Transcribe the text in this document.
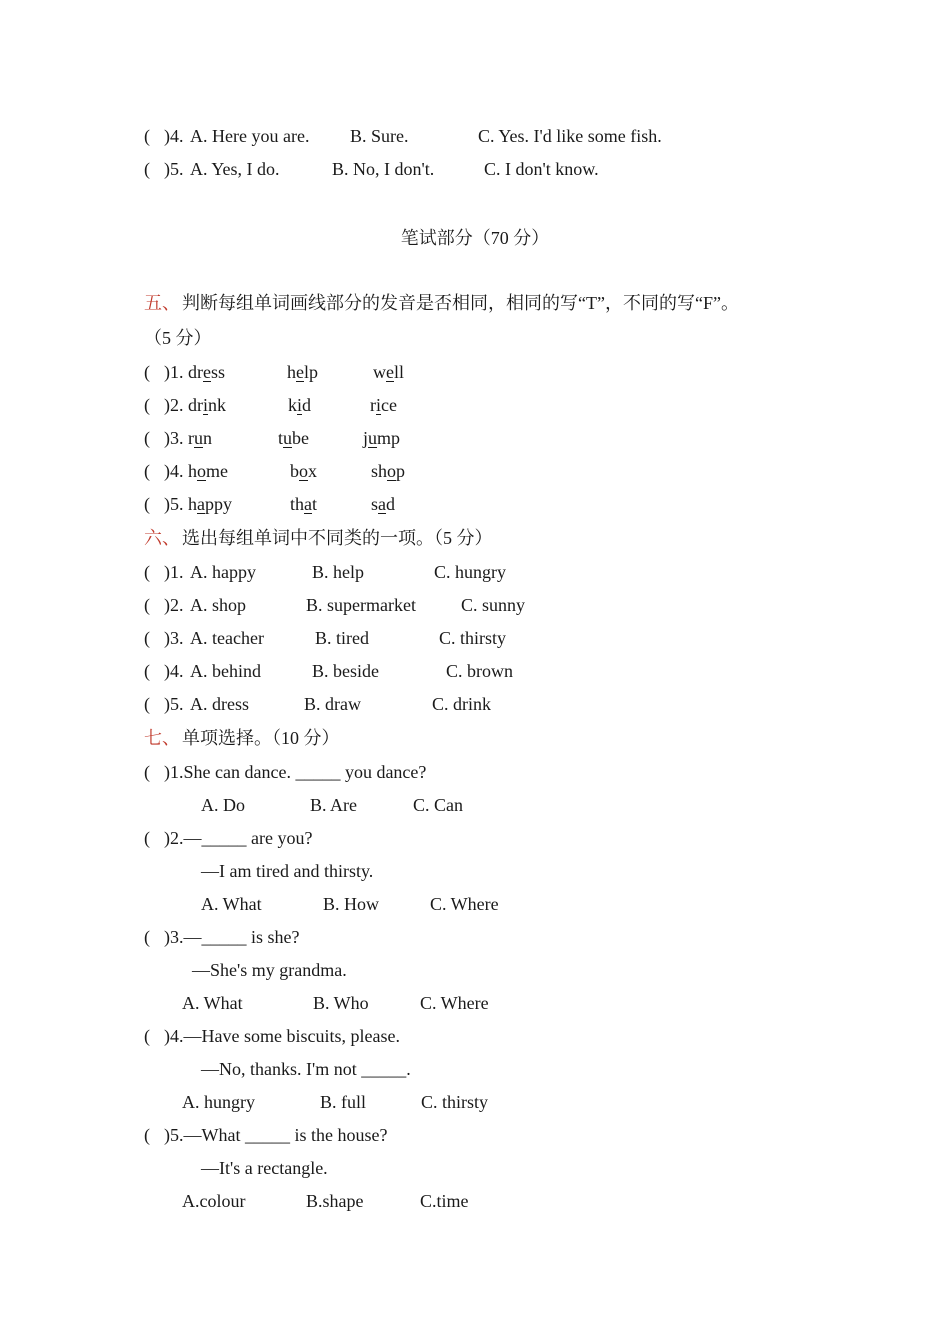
( )4. A. Here you are. B. Sure.	C. Yes. I'd like some fish.
( )5. A. Yes, I do.	B. No, I don't.	C. I don't know.
笔试部分（70 分）
五、 判断每组单词画线部分的发音是否相同，相同的写“T”，不同的写“F”。
（5 分）
( )1. dress	help	well
( )2. drink	kid	rice
( )3. run	tube	jump
( )4. home	box	shop
( )5. happy	that	sad
六、 选出每组单词中不同类的一项。（5 分）
( )1. A. happy	B. help	C. hungry
( )2. A. shop	B. supermarket	C. sunny
( )3. A. teacher	B. tired	C. thirsty
( )4. A. behind	B. beside	C. brown
( )5. A. dress	B. draw	C. drink
七、 单项选择。（10 分）
( )1.She can dance. _____ you dance?
A. Do	B. Are	C. Can
( )2.—_____ are you?
—I am tired and thirsty.
A. What	B. How	C. Where
( )3.—_____ is she?
—She's my grandma.
A. What	B. Who	C. Where
( )4.—Have some biscuits, please.
—No, thanks. I'm not _____.
A. hungry	B. full	C. thirsty
( )5.—What _____ is the house?
—It's a rectangle.
A.colour	B.shape	C.time
